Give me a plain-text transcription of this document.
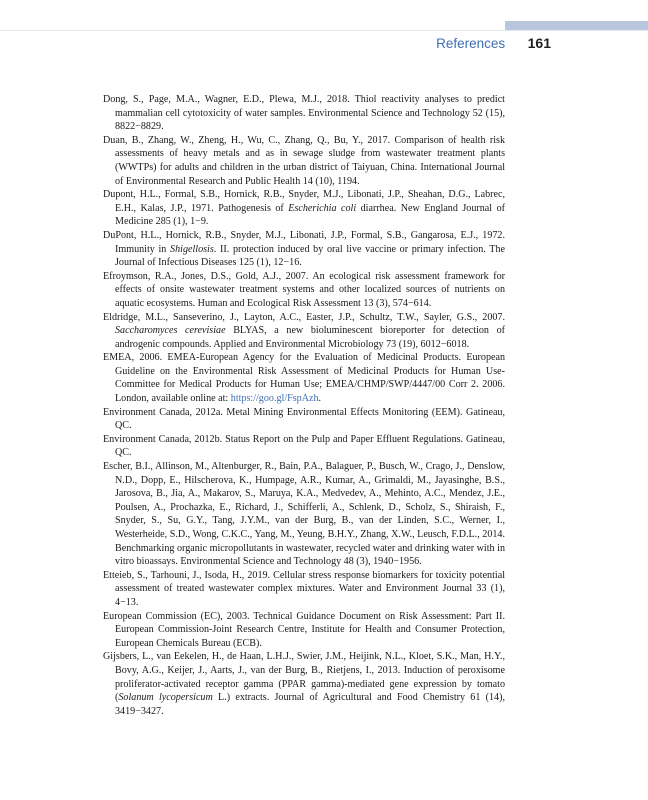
References 161
Dong, S., Page, M.A., Wagner, E.D., Plewa, M.J., 2018. Thiol reactivity analyses to predict mammalian cell cytotoxicity of water samples. Environmental Science and Technology 52 (15), 8822−8829.
Duan, B., Zhang, W., Zheng, H., Wu, C., Zhang, Q., Bu, Y., 2017. Comparison of health risk assessments of heavy metals and as in sewage sludge from wastewater treatment plants (WWTPs) for adults and children in the urban district of Taiyuan, China. International Journal of Environmental Research and Public Health 14 (10), 1194.
Dupont, H.L., Formal, S.B., Hornick, R.B., Snyder, M.J., Libonati, J.P., Sheahan, D.G., Labrec, E.H., Kalas, J.P., 1971. Pathogenesis of Escherichia coli diarrhea. New England Journal of Medicine 285 (1), 1−9.
DuPont, H.L., Hornick, R.B., Snyder, M.J., Libonati, J.P., Formal, S.B., Gangarosa, E.J., 1972. Immunity in Shigellosis. II. protection induced by oral live vaccine or primary infection. The Journal of Infectious Diseases 125 (1), 12−16.
Efroymson, R.A., Jones, D.S., Gold, A.J., 2007. An ecological risk assessment framework for effects of onsite wastewater treatment systems and other localized sources of nutrients on aquatic ecosystems. Human and Ecological Risk Assessment 13 (3), 574−614.
Eldridge, M.L., Sanseverino, J., Layton, A.C., Easter, J.P., Schultz, T.W., Sayler, G.S., 2007. Saccharomyces cerevisiae BLYAS, a new bioluminescent bioreporter for detection of androgenic compounds. Applied and Environmental Microbiology 73 (19), 6012−6018.
EMEA, 2006. EMEA-European Agency for the Evaluation of Medicinal Products. European Guideline on the Environmental Risk Assessment of Medicinal Products for Human Use-Committee for Medical Products for Human Use; EMEA/CHMP/SWP/4447/00 Corr 2. 2006. London, available online at: https://goo.gl/FspAzh.
Environment Canada, 2012a. Metal Mining Environmental Effects Monitoring (EEM). Gatineau, QC.
Environment Canada, 2012b. Status Report on the Pulp and Paper Effluent Regulations. Gatineau, QC.
Escher, B.I., Allinson, M., Altenburger, R., Bain, P.A., Balaguer, P., Busch, W., Crago, J., Denslow, N.D., Dopp, E., Hilscherova, K., Humpage, A.R., Kumar, A., Grimaldi, M., Jayasinghe, B.S., Jarosova, B., Jia, A., Makarov, S., Maruya, K.A., Medvedev, A., Mehinto, A.C., Mendez, J.E., Poulsen, A., Prochazka, E., Richard, J., Schifferli, A., Schlenk, D., Scholz, S., Shiraish, F., Snyder, S., Su, G.Y., Tang, J.Y.M., van der Burg, B., van der Linden, S.C., Werner, I., Westerheide, S.D., Wong, C.K.C., Yang, M., Yeung, B.H.Y., Zhang, X.W., Leusch, F.D.L., 2014. Benchmarking organic micropollutants in wastewater, recycled water and drinking water with in vitro bioassays. Environmental Science and Technology 48 (3), 1940−1956.
Etteieb, S., Tarhouni, J., Isoda, H., 2019. Cellular stress response biomarkers for toxicity potential assessment of treated wastewater complex mixtures. Water and Environment Journal 33 (1), 4−13.
European Commission (EC), 2003. Technical Guidance Document on Risk Assessment: Part II. European Commission-Joint Research Centre, Institute for Health and Consumer Protection, European Chemicals Bureau (ECB).
Gijsbers, L., van Eekelen, H., de Haan, L.H.J., Swier, J.M., Heijink, N.L., Kloet, S.K., Man, H.Y., Bovy, A.G., Keijer, J., Aarts, J., van der Burg, B., Rietjens, I., 2013. Induction of peroxisome proliferator-activated receptor gamma (PPAR gamma)-mediated gene expression by tomato (Solanum lycopersicum L.) extracts. Journal of Agricultural and Food Chemistry 61 (14), 3419−3427.
